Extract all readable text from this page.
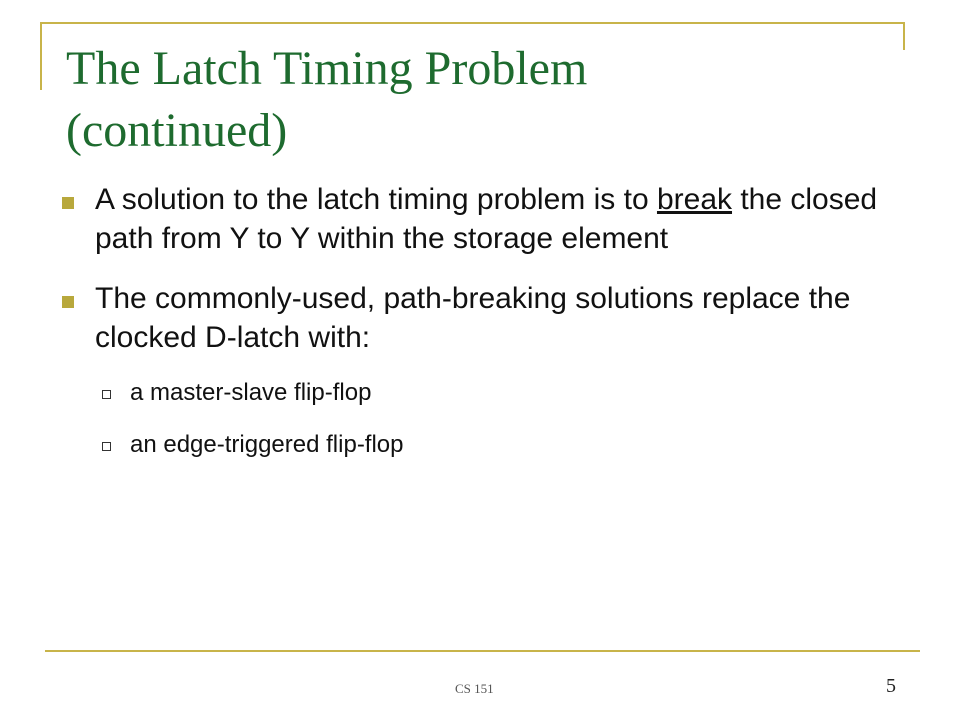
The Latch Timing Problem
(continued)
A solution to the latch timing problem is to break the closed path from Y to Y within the storage element
The commonly-used, path-breaking solutions replace the clocked D-latch with:
a master-slave flip-flop
an edge-triggered flip-flop
CS 151	5
